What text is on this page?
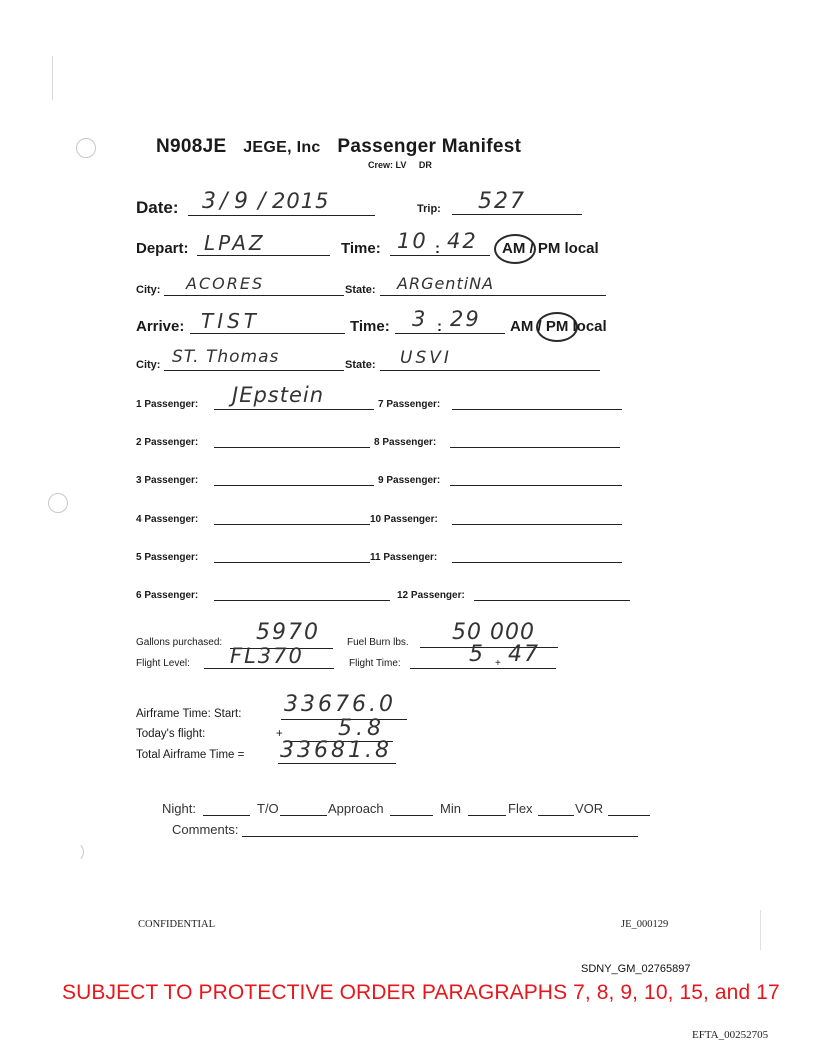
N908JE JEGE, Inc Passenger Manifest
Crew: LV DR
Date: 3 / 9 / 2015	Trip: 527
Depart: LPAZ	Time: 10 : 42 AM / PM local
City: ACORES	State: ARGentiNA
Arrive: TIST	Time: 3 : 29 AM / PM local
City: ST. Thomas	State: USVI
1 Passenger: JEpstein	7 Passenger:
2 Passenger:	8 Passenger:
3 Passenger:	9 Passenger:
4 Passenger:	10 Passenger:
5 Passenger:	11 Passenger:
6 Passenger:	12 Passenger:
Gallons purchased: 5970	Fuel Burn lbs. 50 000
Flight Level: FL370	Flight Time:	5 + 47
Airframe Time: Start: 33676.0
Today's flight:	+	5.8
Total Airframe Time = 33681.8
Night:	T/O	Approach	Min	Flex	VOR
Comments:
CONFIDENTIAL	JE_000129
SDNY_GM_02765897
SUBJECT TO PROTECTIVE ORDER PARAGRAPHS 7, 8, 9, 10, 15, and 17
EFTA_00252705
